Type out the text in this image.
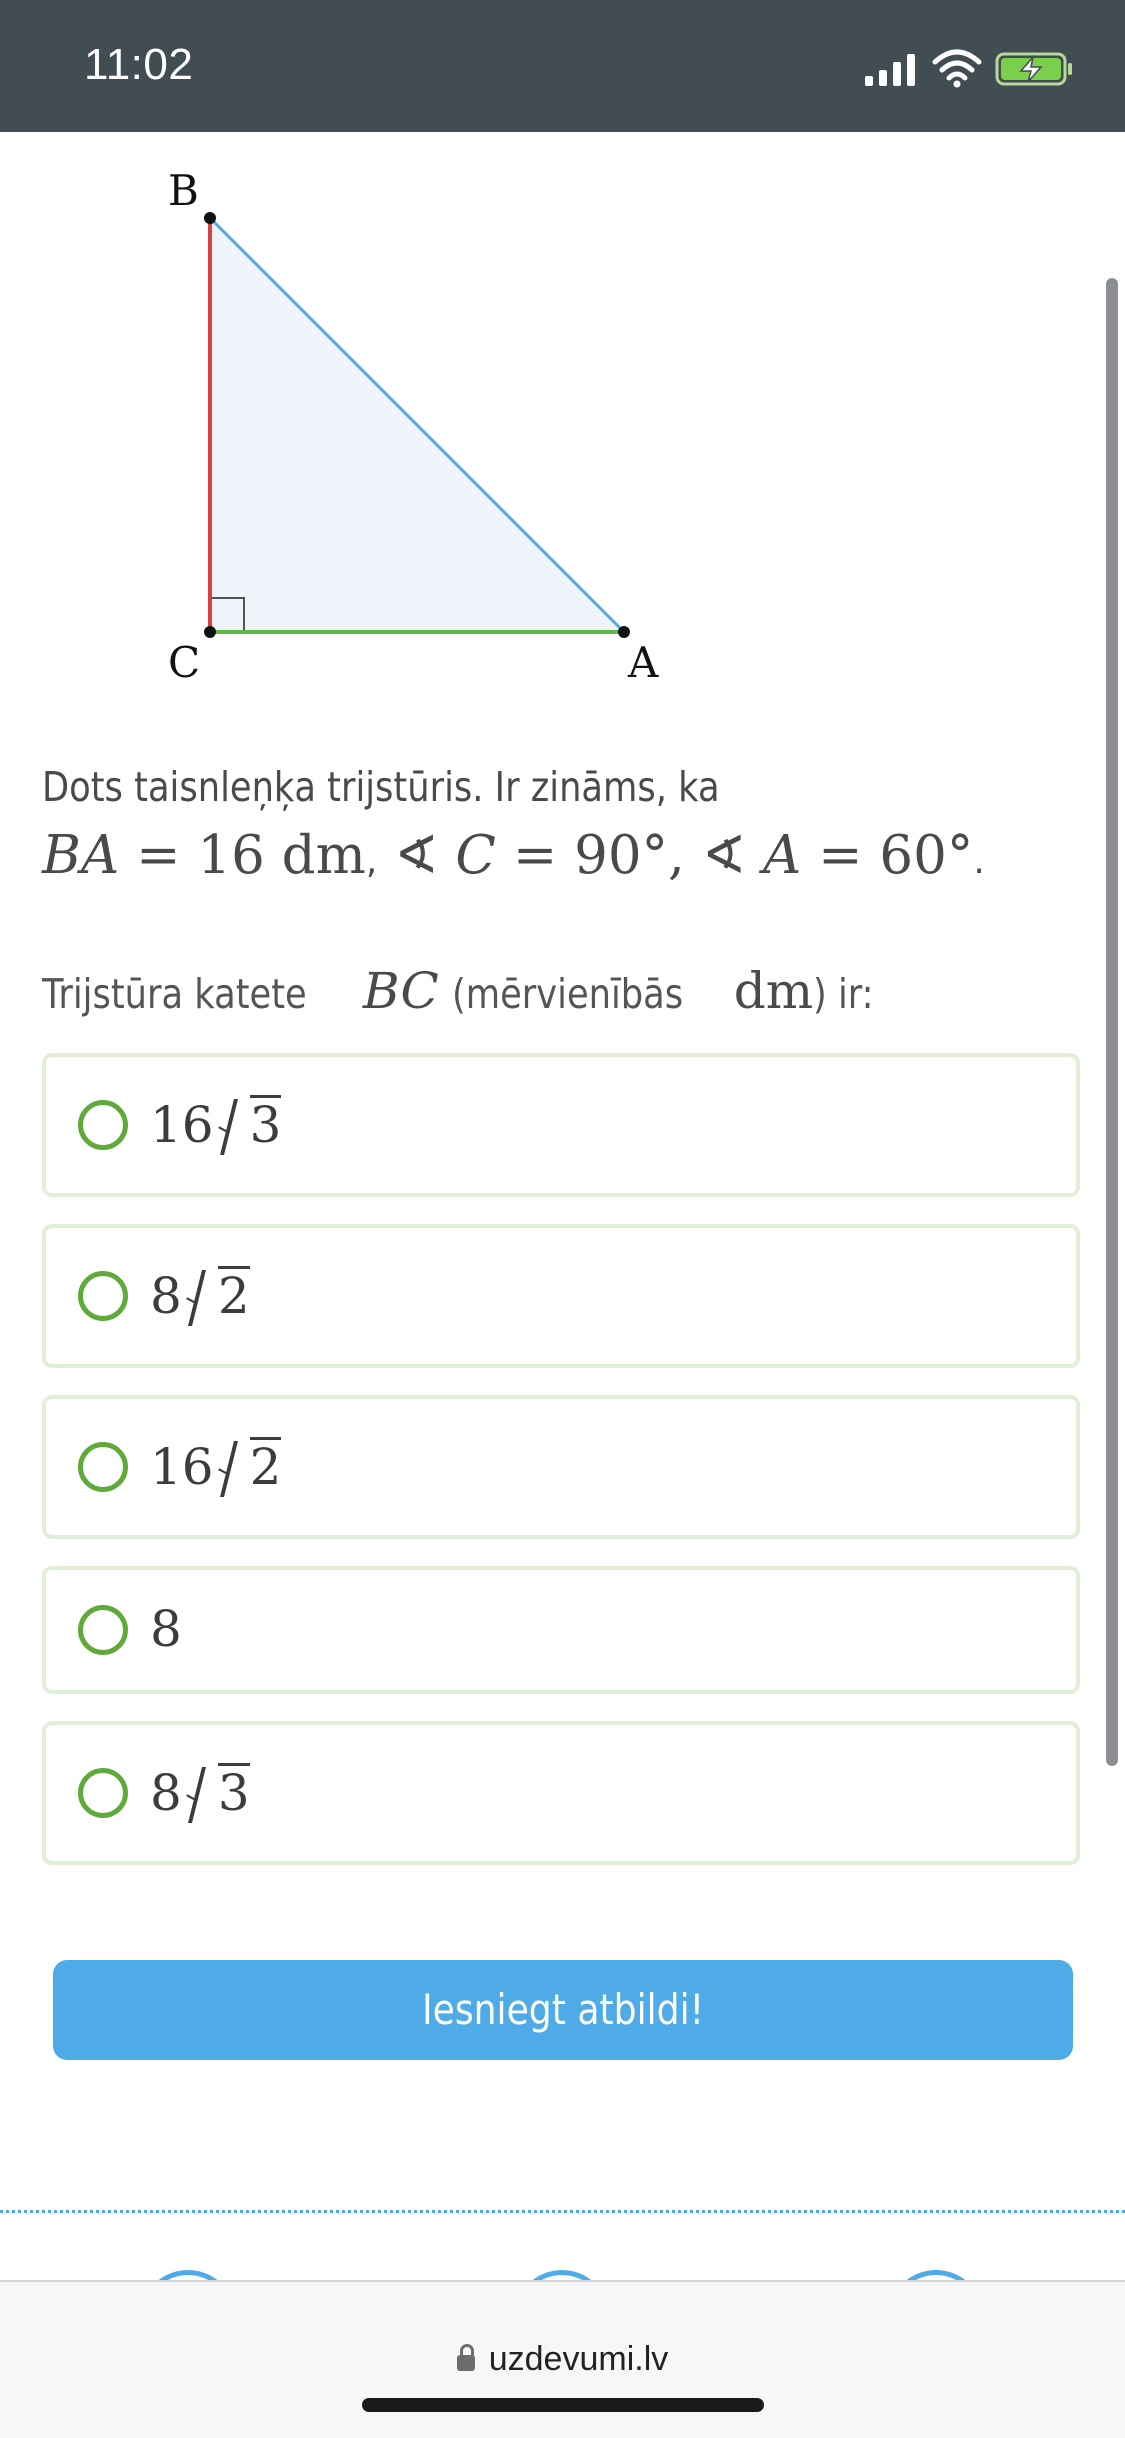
11:02
B
C	A
Dots taisnleņķa trijstūris. Ir zināms, ka
BA = 16 dm, ∢ C = 90°, ∢ A = 60°.
Trijstūra katete BC (mērvienībās dm) ir:
16 3
8 2
16 2
8
8 3
Iesniegt atbildi!
uzdevumi.lv
